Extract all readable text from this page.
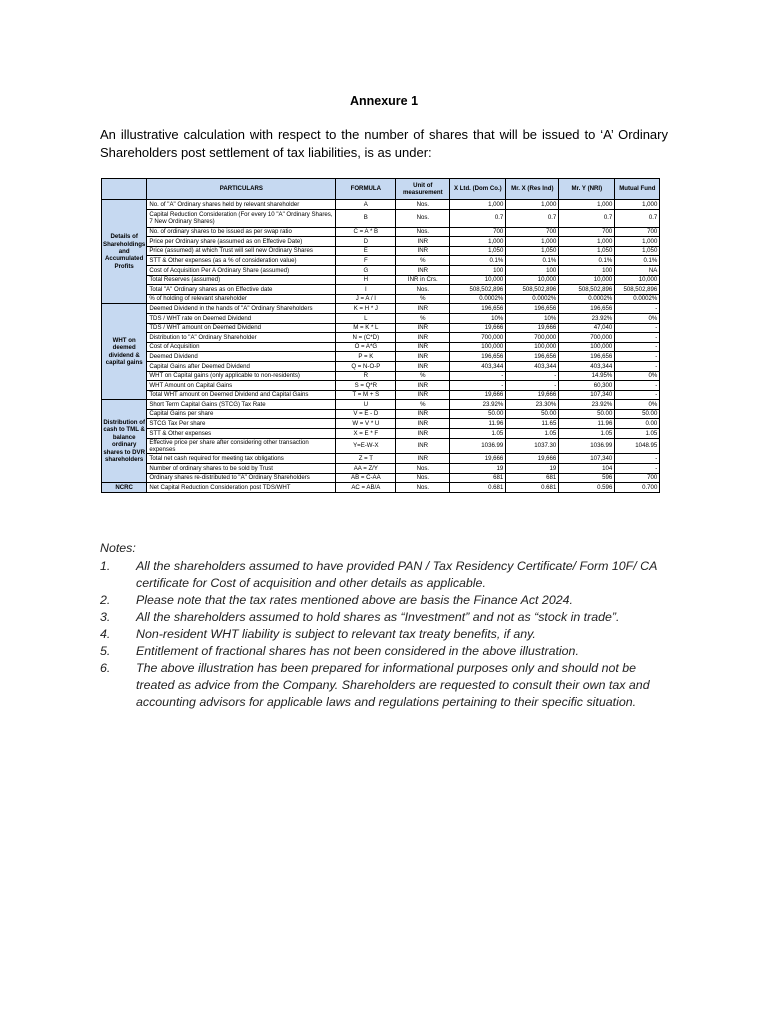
Annexure 1
An illustrative calculation with respect to the number of shares that will be issued to ‘A’ Ordinary Shareholders post settlement of tax liabilities, is as under:
	PARTICULARS	FORMULA	Unit of measurement	X Ltd. (Dom Co.)	Mr. X (Res Ind)	Mr. Y (NRI)	Mutual Fund
Details of Shareholdings and Accumulated Profits	No. of "A" Ordinary shares held by relevant shareholder	A	Nos.	1,000	1,000	1,000	1,000
	Capital Reduction Consideration (For every 10 "A" Ordinary Shares, 7 New Ordinary Shares)	B	Nos.	0.7	0.7	0.7	0.7
	No. of ordinary shares to be issued as per swap ratio	C = A * B	Nos.	700	700	700	700
	Price per Ordinary share (assumed as on Effective Date)	D	INR	1,000	1,000	1,000	1,000
	Price (assumed) at which Trust will sell new Ordinary Shares	E	INR	1,050	1,050	1,050	1,050
	STT & Other expenses (as a % of consideration value)	F	%	0.1%	0.1%	0.1%	0.1%
	Cost of Acquisition Per A Ordinary Share (assumed)	G	INR	100	100	100	NA
	Total Reserves (assumed)	H	INR in Crs.	10,000	10,000	10,000	10,000
	Total "A" Ordinary shares as on Effective date	I	Nos.	508,502,896	508,502,896	508,502,896	508,502,896
	% of holding of relevant shareholder	J = A / I	%	0.0002%	0.0002%	0.0002%	0.0002%
WHT on deemed dividend & capital gains	Deemed Dividend in the hands of "A" Ordinary Shareholders	K = H * J	INR	196,656	196,656	196,656	-
	TDS / WHT rate on Deemed Dividend	L	%	10%	10%	23.92%	0%
	TDS / WHT amount on Deemed Dividend	M = K * L	INR	19,666	19,666	47,040	-
	Distribution to "A" Ordinary Shareholder	N = (C*D)	INR	700,000	700,000	700,000	-
	Cost of Acquisition	O = A*G	INR	100,000	100,000	100,000	-
	Deemed Dividend	P = K	INR	196,656	196,656	196,656	-
	Capital Gains after Deemed Dividend	Q = N-O-P	INR	403,344	403,344	403,344	-
	WHT on Capital gains (only applicable to non-residents)	R	%	-	-	14.95%	0%
	WHT Amount on Capital Gains	S = Q*R	INR	-	-	60,300	-
	Total WHT amount on Deemed Dividend and Capital Gains	T = M + S	INR	19,666	19,666	107,340	-
Distribution of cash to TML & balance ordinary shares to DVR shareholders	Short Term Capital Gains (STCG) Tax Rate	U	%	23.92%	23.30%	23.92%	0%
	Capital Gains per share	V = E - D	INR	50.00	50.00	50.00	50.00
	STCG Tax Per share	W = V * U	INR	11.96	11.65	11.96	0.00
	STT & Other expenses	X = E * F	INR	1.05	1.05	1.05	1.05
	Effective price per share after considering other transaction expenses	Y=E-W-X	INR	1036.99	1037.30	1036.99	1048.95
	Total net cash required for meeting tax obligations	Z = T	INR	19,666	19,666	107,340	-
	Number of ordinary shares to be sold by Trust	AA = Z/Y	Nos.	19	19	104	-
	Ordinary shares re-distributed to "A" Ordinary Shareholders	AB = C-AA	Nos.	681	681	596	700
NCRC	Net Capital Reduction Consideration post TDS/WHT	AC = AB/A	Nos.	0.681	0.681	0.596	0.700
Notes:
1.	All the shareholders assumed to have provided PAN / Tax Residency Certificate/ Form 10F/ CA certificate for Cost of acquisition and other details as applicable.
2.	Please note that the tax rates mentioned above are basis the Finance Act 2024.
3.	All the shareholders assumed to hold shares as “Investment” and not as “stock in trade”.
4.	Non-resident WHT liability is subject to relevant tax treaty benefits, if any.
5.	Entitlement of fractional shares has not been considered in the above illustration.
6.	The above illustration has been prepared for informational purposes only and should not be treated as advice from the Company. Shareholders are requested to consult their own tax and accounting advisors for applicable laws and regulations pertaining to their specific situation.
